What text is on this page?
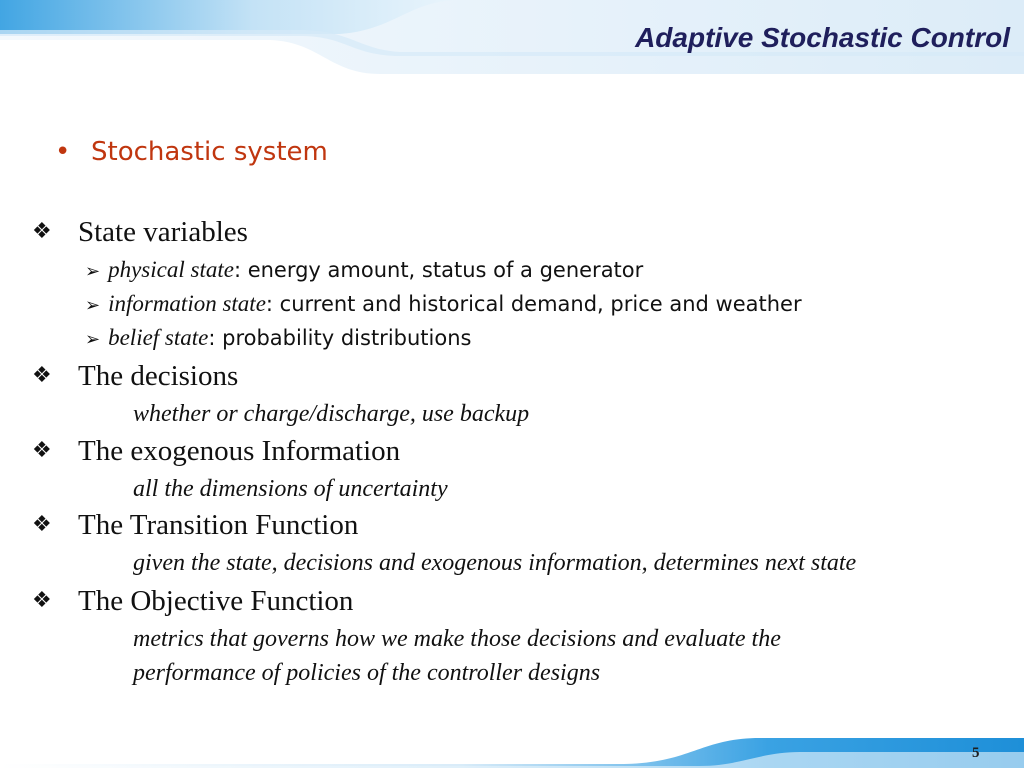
Adaptive Stochastic Control
• Stochastic system
❖ State variables
➢ physical state: energy amount, status of a generator
➢ information state: current and historical demand, price and weather
➢ belief state: probability distributions
❖ The decisions
whether or charge/discharge, use backup
❖ The exogenous Information
all the dimensions of uncertainty
❖ The Transition Function
given the state, decisions and exogenous information, determines next state
❖ The Objective Function
metrics that governs how we make those decisions and evaluate the
performance of policies of the controller designs
5
